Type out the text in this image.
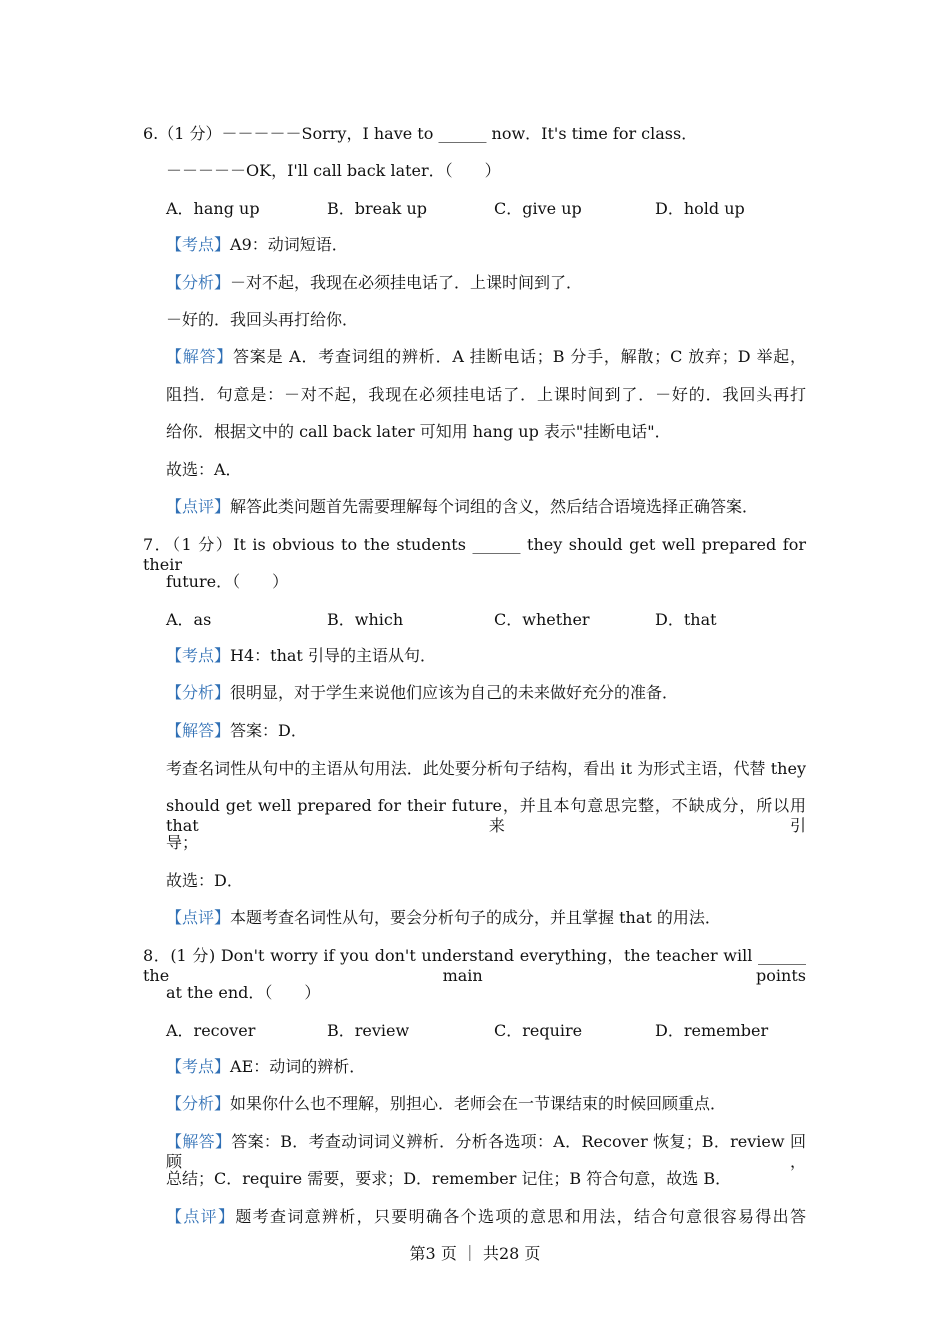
6.（1 分）－－－－－Sorry，I have to ______ now．It's time for class．
－－－－－OK，I'll call back later．（　　）
A．hang up	B．break up	C．give up	D．hold up
【考点】A9：动词短语．
【分析】－对不起，我现在必须挂电话了．上课时间到了．
－好的．我回头再打给你．
【解答】答案是 A．考查词组的辨析．A 挂断电话；B 分手，解散；C 放弃；D 举起，
阻挡．句意是：－对不起，我现在必须挂电话了．上课时间到了．－好的．我回头再打
给你．根据文中的 call back later 可知用 hang up 表示"挂断电话"．
故选：A．
【点评】解答此类问题首先需要理解每个词组的含义，然后结合语境选择正确答案．
7．（1 分）It is obvious to the students ______ they should get well prepared for their
future．（　　）
A．as	B．which	C．whether	D．that
【考点】H4：that 引导的主语从句．
【分析】很明显，对于学生来说他们应该为自己的未来做好充分的准备．
【解答】答案：D．
考查名词性从句中的主语从句用法．此处要分析句子结构，看出 it 为形式主语，代替 they
should get well prepared for their future，并且本句意思完整，不缺成分，所以用 that 来引
导；
故选：D．
【点评】本题考查名词性从句，要会分析句子的成分，并且掌握 that 的用法．
8．(1 分) Don't worry if you don't understand everything，the teacher will ______ the main points
at the end．（　　）
A．recover	B．review	C．require	D．remember
【考点】AE：动词的辨析．
【分析】如果你什么也不理解，别担心．老师会在一节课结束的时候回顾重点．
【解答】答案：B．考查动词词义辨析．分析各选项：A．Recover 恢复；B．review 回顾，
总结；C．require 需要，要求；D．remember 记住；B 符合句意，故选 B．
【点评】题考查词意辨析，只要明确各个选项的意思和用法，结合句意很容易得出答
第3 页 ｜ 共28 页
